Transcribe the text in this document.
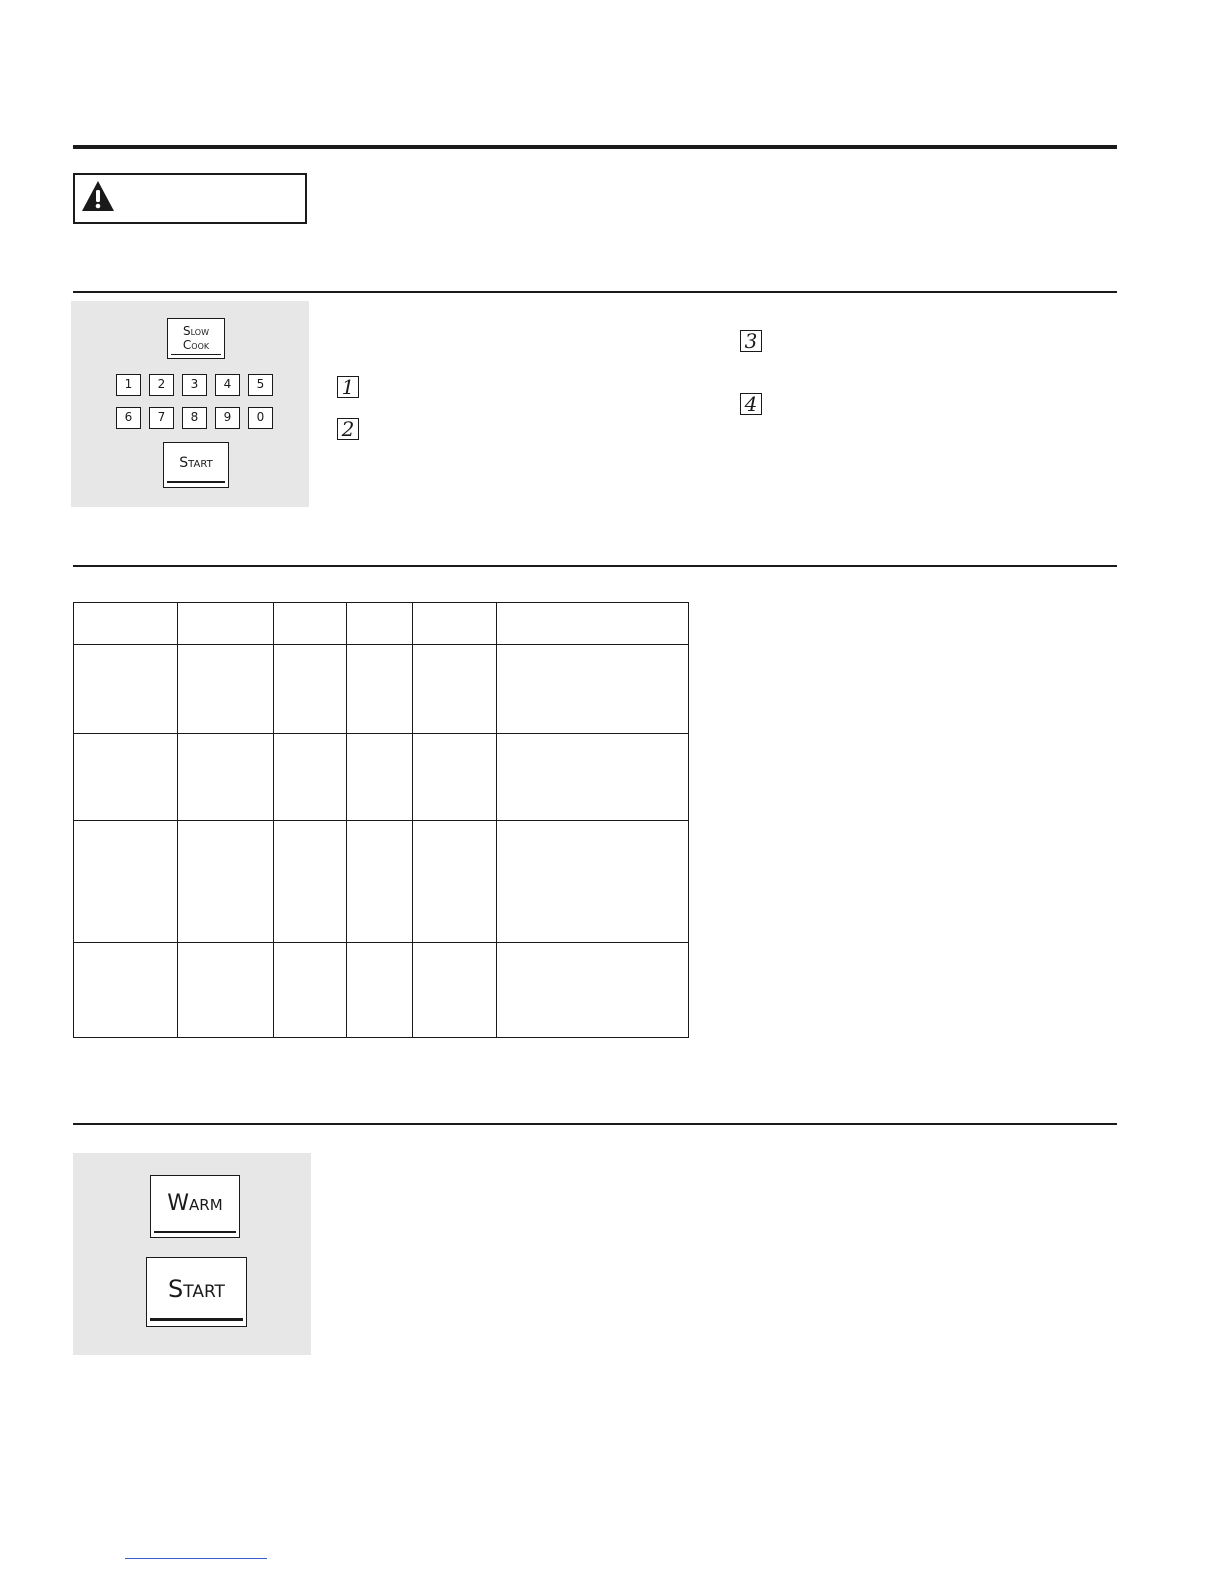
Slow
Cook
1	2	3	4	5
6	7	8	9	0
Start
1
2
3
4

Warm
Start
